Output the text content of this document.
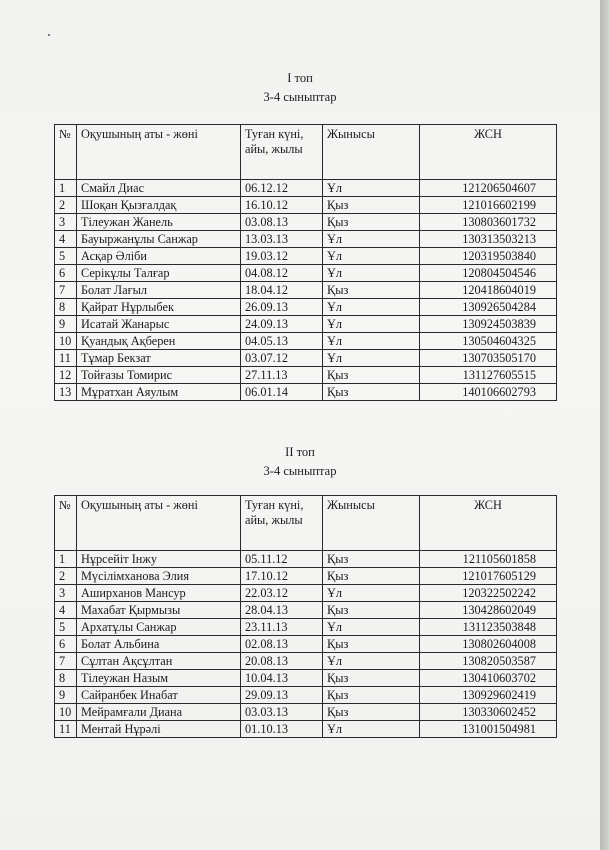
I топ
3-4 сыныптар
№	Оқушының аты - жөні	Туған күні, айы, жылы	Жынысы	ЖСН
1	Смайл Диас	06.12.12	Ұл	121206504607
2	Шоқан Қызғалдақ	16.10.12	Қыз	121016602199
3	Тілеужан Жанель	03.08.13	Қыз	130803601732
4	Бауыржанұлы Санжар	13.03.13	Ұл	130313503213
5	Асқар Әліби	19.03.12	Ұл	120319503840
6	Серікұлы Талғар	04.08.12	Ұл	120804504546
7	Болат Лағыл	18.04.12	Қыз	120418604019
8	Қайрат Нұрлыбек	26.09.13	Ұл	130926504284
9	Исатай Жанарыс	24.09.13	Ұл	130924503839
10	Қуандық Ақберен	04.05.13	Ұл	130504604325
11	Тұмар Бекзат	03.07.12	Ұл	130703505170
12	Тойғазы Томирис	27.11.13	Қыз	131127605515
13	Мұратхан Аяулым	06.01.14	Қыз	140106602793
II топ
3-4 сыныптар
№	Оқушының аты - жөні	Туған күні, айы, жылы	Жынысы	ЖСН
1	Нұрсейіт Інжу	05.11.12	Қыз	121105601858
2	Мүсілімханова Элия	17.10.12	Қыз	121017605129
3	Аширханов Мансур	22.03.12	Ұл	120322502242
4	Махабат Қырмызы	28.04.13	Қыз	130428602049
5	Архатұлы Санжар	23.11.13	Ұл	131123503848
6	Болат Альбина	02.08.13	Қыз	130802604008
7	Сұлтан Ақсұлтан	20.08.13	Ұл	130820503587
8	Тілеужан Назым	10.04.13	Қыз	130410603702
9	Сайранбек Инабат	29.09.13	Қыз	130929602419
10	Мейрамғали Диана	03.03.13	Қыз	130330602452
11	Ментай Нұрәлі	01.10.13	Ұл	131001504981
